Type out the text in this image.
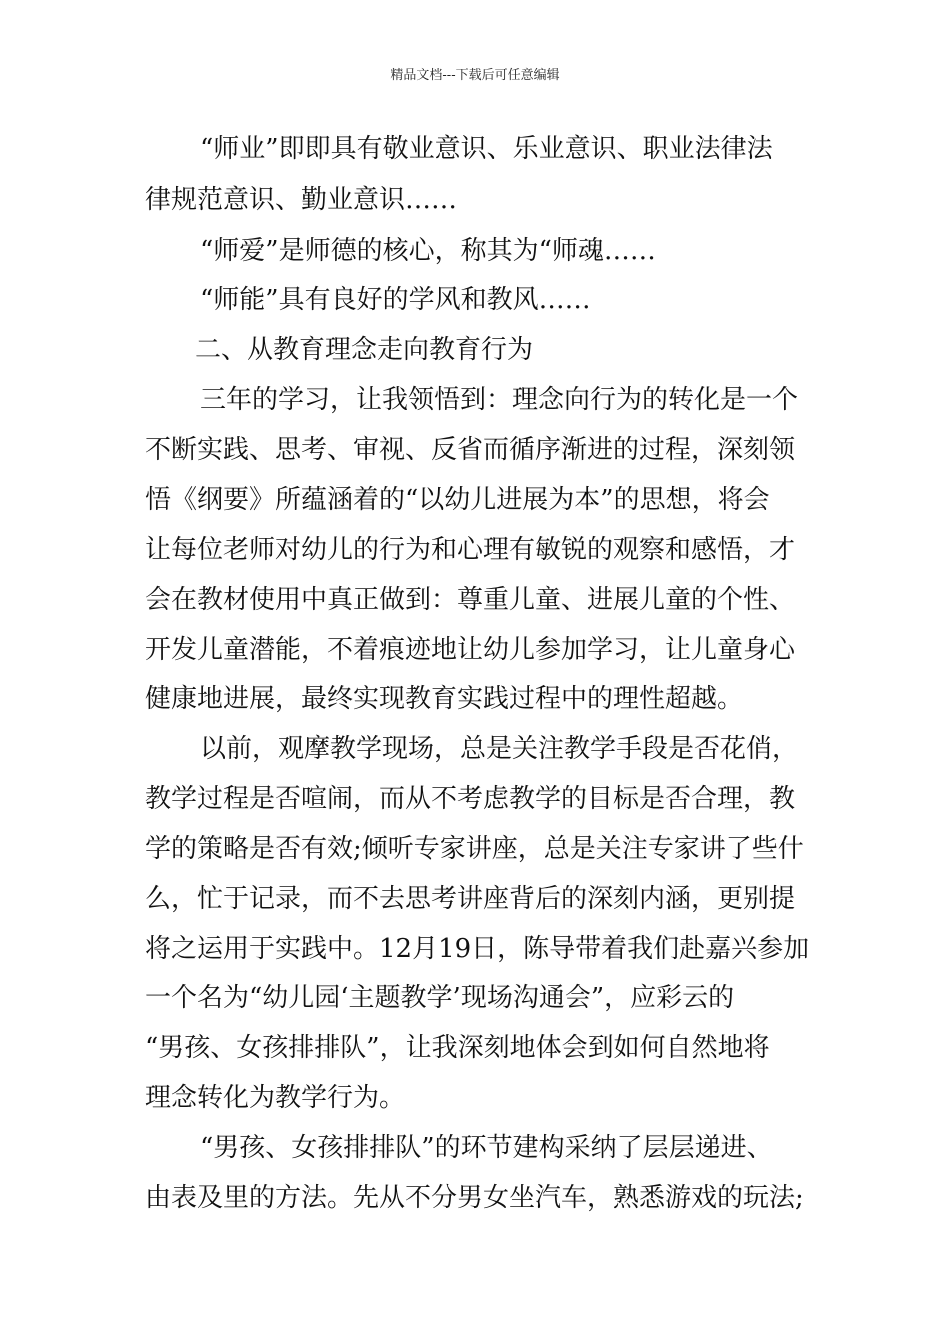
精品文档---下载后可任意编辑
“师业”即即具有敬业意识、乐业意识、职业法律法
律规范意识、勤业意识……
“师爱”是师德的核心，称其为“师魂……
“师能”具有良好的学风和教风……
二、从教育理念走向教育行为
三年的学习，让我领悟到：理念向行为的转化是一个
不断实践、思考、审视、反省而循序渐进的过程，深刻领
悟《纲要》所蕴涵着的“以幼儿进展为本”的思想，将会
让每位老师对幼儿的行为和心理有敏锐的观察和感悟，才
会在教材使用中真正做到：尊重儿童、进展儿童的个性、
开发儿童潜能，不着痕迹地让幼儿参加学习，让儿童身心
健康地进展，最终实现教育实践过程中的理性超越。
以前，观摩教学现场，总是关注教学手段是否花俏，
教学过程是否喧闹，而从不考虑教学的目标是否合理，教
学的策略是否有效;倾听专家讲座，总是关注专家讲了些什
么，忙于记录，而不去思考讲座背后的深刻内涵，更别提
将之运用于实践中。12月19日，陈导带着我们赴嘉兴参加
一个名为“幼儿园‘主题教学’现场沟通会”，应彩云的
“男孩、女孩排排队”，让我深刻地体会到如何自然地将
理念转化为教学行为。
“男孩、女孩排排队”的环节建构采纳了层层递进、
由表及里的方法。先从不分男女坐汽车，熟悉游戏的玩法;
